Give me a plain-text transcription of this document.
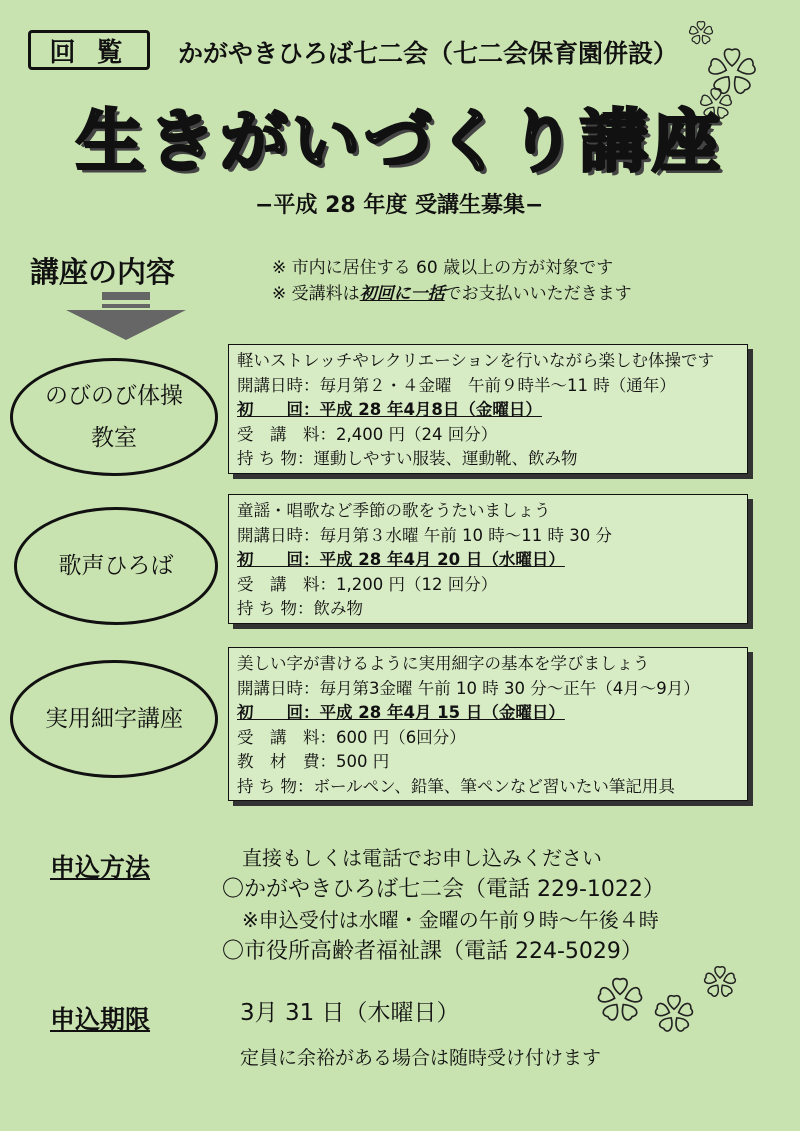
回 覧	かがやきひろば七二会（七二会保育園併設）
生きがいづくり講座
−平成 28 年度 受講生募集−
講座の内容	※ 市内に居住する 60 歳以上の方が対象です
※ 受講料は初回に一括でお支払いいただきます
のびのび体操
教室
軽いストレッチやレクリエーションを行いながら楽しむ体操です
開講日時：毎月第２・４金曜　午前９時半～11 時（通年）
初　　回：平成 28 年4月8日（金曜日）
受　講　料：2,400 円（24 回分）
持 ち 物：運動しやすい服装、運動靴、飲み物
歌声ひろば
童謡・唱歌など季節の歌をうたいましょう
開講日時：毎月第３水曜 午前 10 時～11 時 30 分
初　　回：平成 28 年4月 20 日（水曜日）
受　講　料：1,200 円（12 回分）
持 ち 物：飲み物
実用細字講座
美しい字が書けるように実用細字の基本を学びましょう
開講日時：毎月第3金曜 午前 10 時 30 分～正午（4月～9月）
初　　回：平成 28 年4月 15 日（金曜日）
受　講　料：600 円（6回分）
教　材　費：500 円
持 ち 物：ボールペン、鉛筆、筆ペンなど習いたい筆記用具
申込方法	直接もしくは電話でお申し込みください
〇かがやきひろば七二会（電話 229-1022）
※申込受付は水曜・金曜の午前９時～午後４時
〇市役所高齢者福祉課（電話 224-5029）
申込期限	3月 31 日（木曜日）
定員に余裕がある場合は随時受け付けます
